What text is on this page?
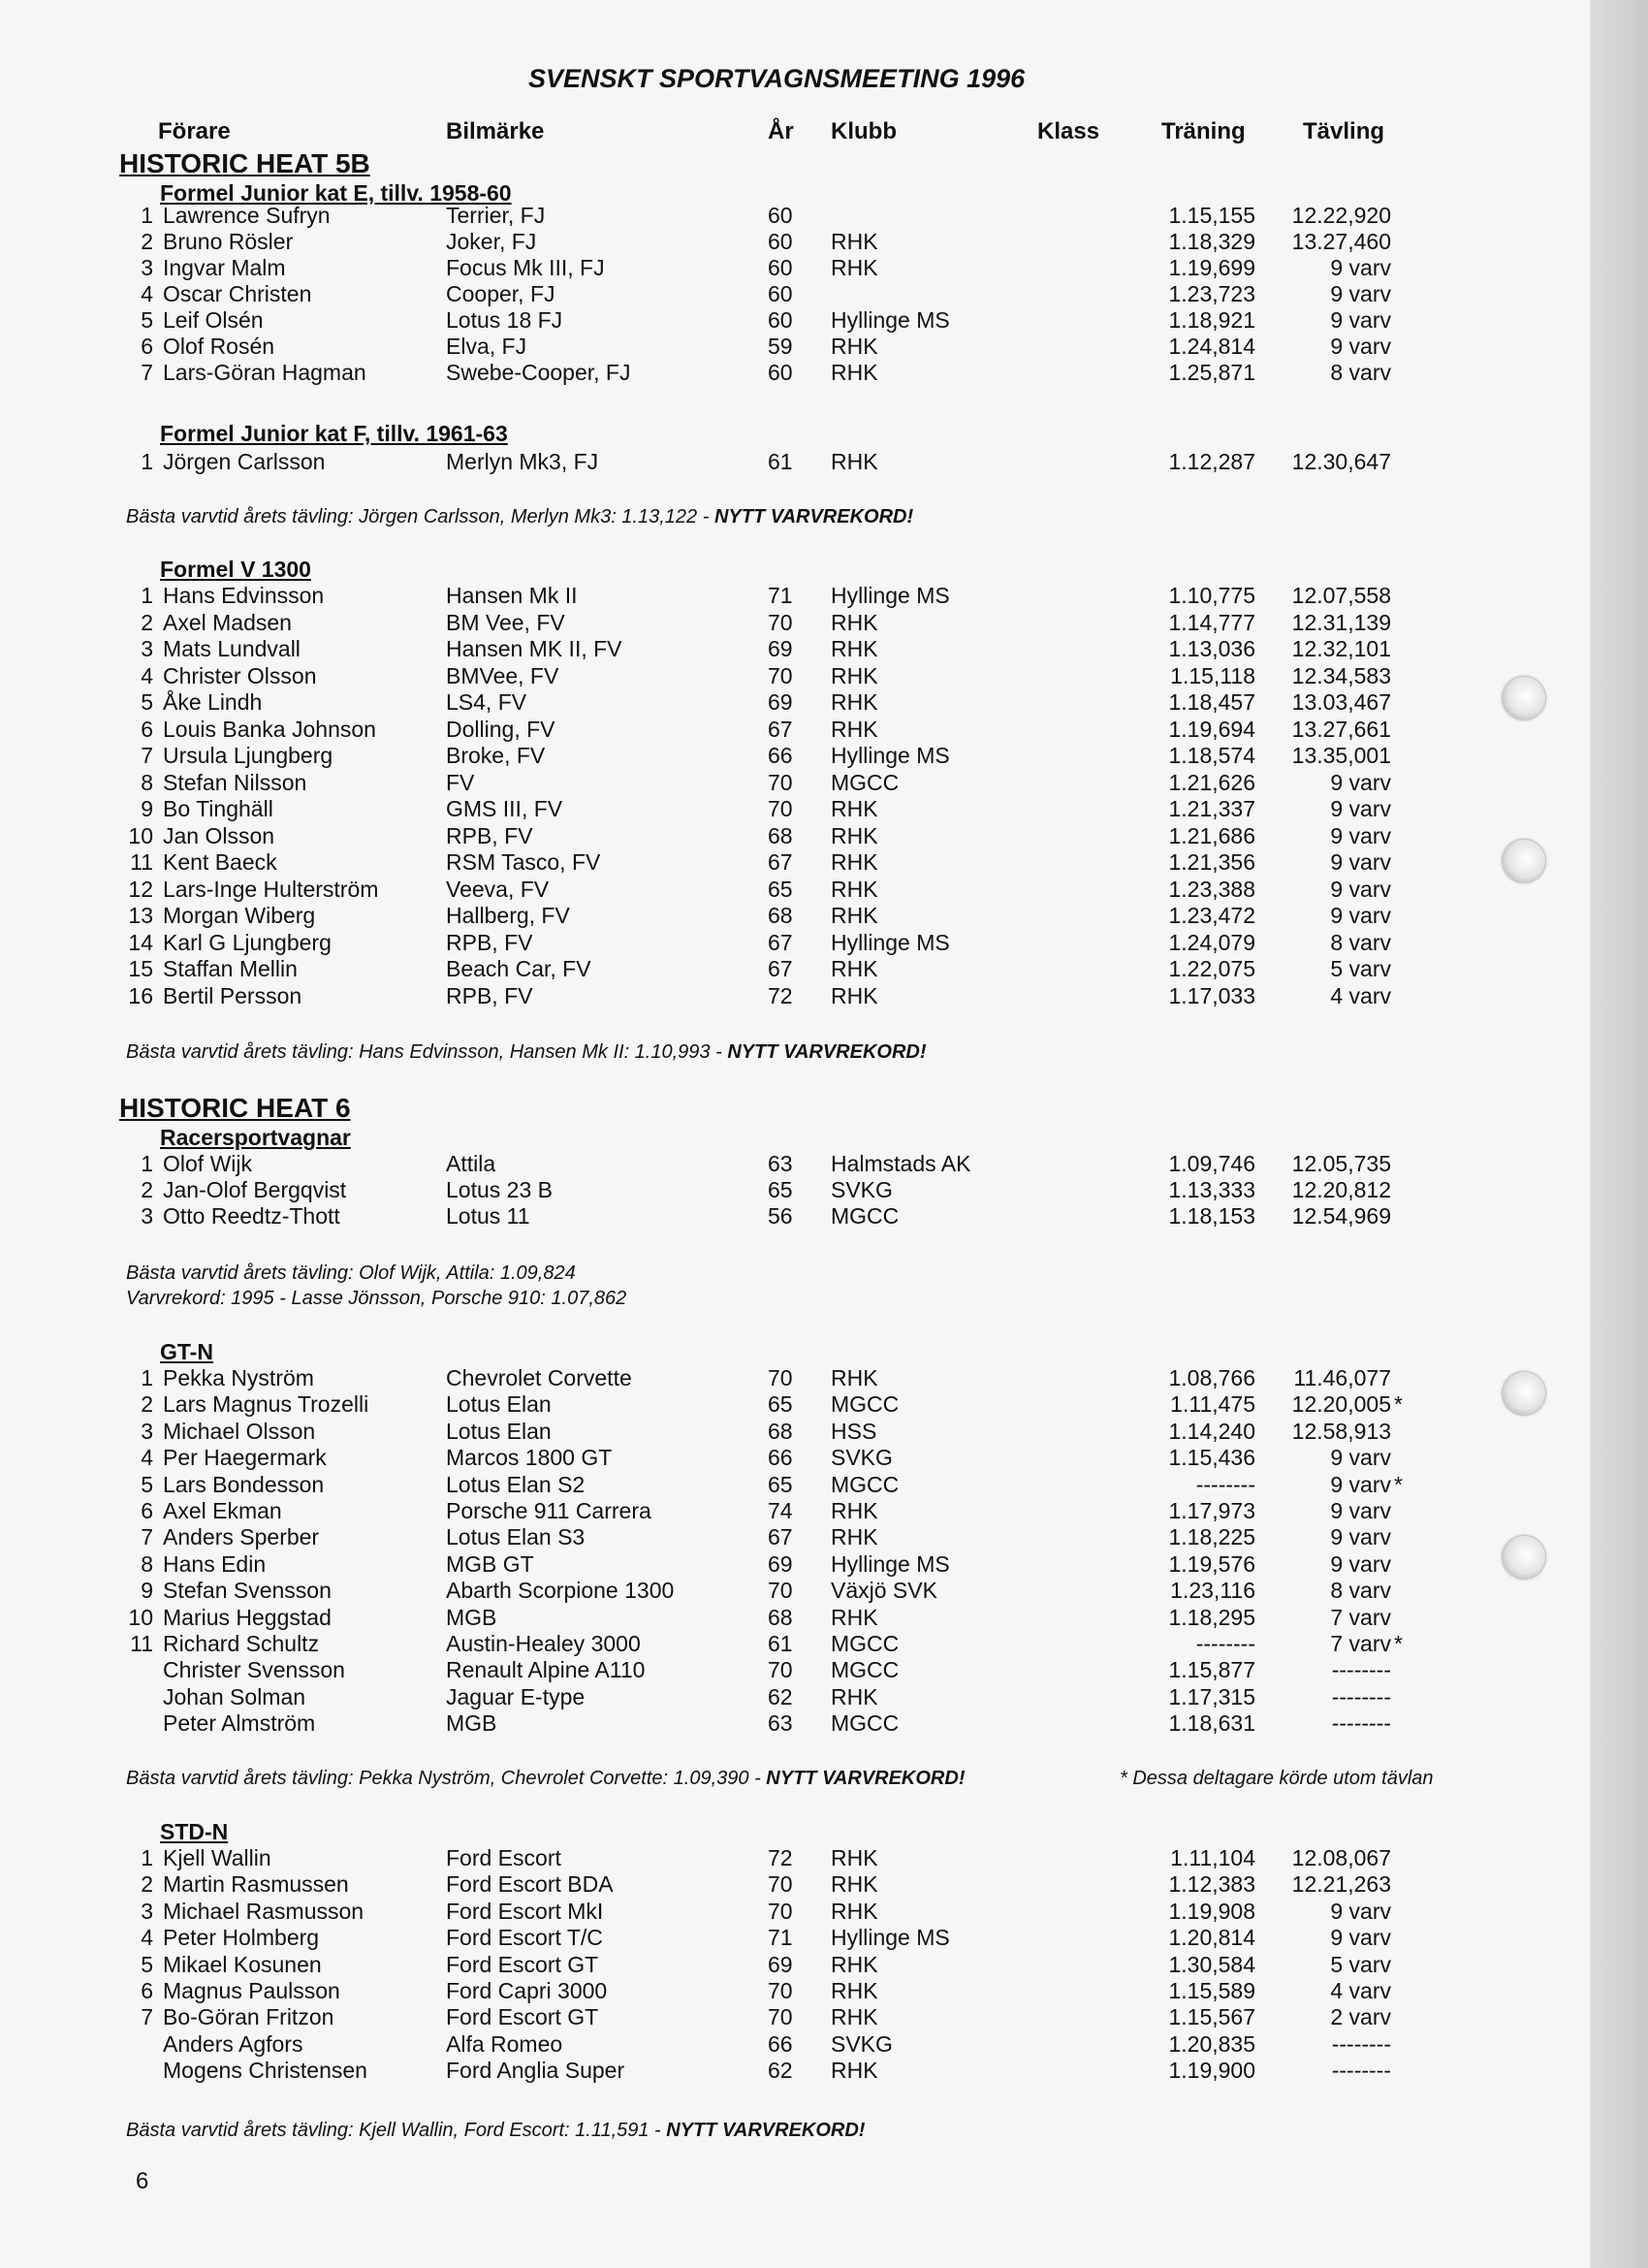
SVENSKT SPORTVAGNSMEETING 1996
Förare	Bilmärke	År Klubb	Klass	Träning Tävling
HISTORIC HEAT 5B
Formel Junior kat E, tillv. 1958-60
1 Lawrence Sufryn	Terrier, FJ	60	1.15,155	12.22,920
2 Bruno Rösler	Joker, FJ	60 RHK	1.18,329	13.27,460
3 Ingvar Malm	Focus Mk III, FJ	60 RHK	1.19,699	9 varv
4 Oscar Christen	Cooper, FJ	60	1.23,723	9 varv
5 Leif Olsén	Lotus 18 FJ	60 Hyllinge MS	1.18,921	9 varv
6 Olof Rosén	Elva, FJ	59 RHK	1.24,814	9 varv
7 Lars-Göran Hagman	Swebe-Cooper, FJ	60 RHK	1.25,871	8 varv
Formel Junior kat F, tillv. 1961-63
1 Jörgen Carlsson	Merlyn Mk3, FJ	61 RHK	1.12,287	12.30,647
Bästa varvtid årets tävling: Jörgen Carlsson, Merlyn Mk3: 1.13,122 - NYTT VARVREKORD!
Formel V 1300
1 Hans Edvinsson	Hansen Mk II	71 Hyllinge MS	1.10,775	12.07,558
2 Axel Madsen	BM Vee, FV	70 RHK	1.14,777	12.31,139
3 Mats Lundvall	Hansen MK II, FV	69 RHK	1.13,036	12.32,101
4 Christer Olsson	BMVee, FV	70 RHK	1.15,118	12.34,583
5 Åke Lindh	LS4, FV	69 RHK	1.18,457	13.03,467
6 Louis Banka Johnson	Dolling, FV	67 RHK	1.19,694	13.27,661
7 Ursula Ljungberg	Broke, FV	66 Hyllinge MS	1.18,574	13.35,001
8 Stefan Nilsson	FV	70 MGCC	1.21,626	9 varv
9 Bo Tinghäll	GMS III, FV	70 RHK	1.21,337	9 varv
10 Jan Olsson	RPB, FV	68 RHK	1.21,686	9 varv
11 Kent Baeck	RSM Tasco, FV	67 RHK	1.21,356	9 varv
12 Lars-Inge Hulterström	Veeva, FV	65 RHK	1.23,388	9 varv
13 Morgan Wiberg	Hallberg, FV	68 RHK	1.23,472	9 varv
14 Karl G Ljungberg	RPB, FV	67 Hyllinge MS	1.24,079	8 varv
15 Staffan Mellin	Beach Car, FV	67 RHK	1.22,075	5 varv
16 Bertil Persson	RPB, FV	72 RHK	1.17,033	4 varv
Bästa varvtid årets tävling: Hans Edvinsson, Hansen Mk II: 1.10,993 - NYTT VARVREKORD!
HISTORIC HEAT 6
Racersportvagnar
1 Olof Wijk	Attila	63 Halmstads AK	1.09,746	12.05,735
2 Jan-Olof Bergqvist	Lotus 23 B	65 SVKG	1.13,333	12.20,812
3 Otto Reedtz-Thott	Lotus 11	56 MGCC	1.18,153	12.54,969
Bästa varvtid årets tävling: Olof Wijk, Attila: 1.09,824
Varvrekord: 1995 - Lasse Jönsson, Porsche 910: 1.07,862
GT-N
1 Pekka Nyström	Chevrolet Corvette	70 RHK	1.08,766	11.46,077
2 Lars Magnus Trozelli	Lotus Elan	65 MGCC	1.11,475	12.20,005 *
3 Michael Olsson	Lotus Elan	68 HSS	1.14,240	12.58,913
4 Per Haegermark	Marcos 1800 GT	66 SVKG	1.15,436	9 varv
5 Lars Bondesson	Lotus Elan S2	65 MGCC	--------	9 varv *
6 Axel Ekman	Porsche 911 Carrera	74 RHK	1.17,973	9 varv
7 Anders Sperber	Lotus Elan S3	67 RHK	1.18,225	9 varv
8 Hans Edin	MGB GT	69 Hyllinge MS	1.19,576	9 varv
9 Stefan Svensson	Abarth Scorpione 1300	70 Växjö SVK	1.23,116	8 varv
10 Marius Heggstad	MGB	68 RHK	1.18,295	7 varv
11 Richard Schultz	Austin-Healey 3000	61 MGCC	--------	7 varv *
Christer Svensson	Renault Alpine A110	70 MGCC	1.15,877	--------
Johan Solman	Jaguar E-type	62 RHK	1.17,315	--------
Peter Almström	MGB	63 MGCC	1.18,631	--------
Bästa varvtid årets tävling: Pekka Nyström, Chevrolet Corvette: 1.09,390 - NYTT VARVREKORD!	* Dessa deltagare körde utom tävlan
STD-N
1 Kjell Wallin	Ford Escort	72 RHK	1.11,104	12.08,067
2 Martin Rasmussen	Ford Escort BDA	70 RHK	1.12,383	12.21,263
3 Michael Rasmusson	Ford Escort MkI	70 RHK	1.19,908	9 varv
4 Peter Holmberg	Ford Escort T/C	71 Hyllinge MS	1.20,814	9 varv
5 Mikael Kosunen	Ford Escort GT	69 RHK	1.30,584	5 varv
6 Magnus Paulsson	Ford Capri 3000	70 RHK	1.15,589	4 varv
7 Bo-Göran Fritzon	Ford Escort GT	70 RHK	1.15,567	2 varv
Anders Agfors	Alfa Romeo	66 SVKG	1.20,835	--------
Mogens Christensen	Ford Anglia Super	62 RHK	1.19,900	--------
Bästa varvtid årets tävling: Kjell Wallin, Ford Escort: 1.11,591 - NYTT VARVREKORD!
6
